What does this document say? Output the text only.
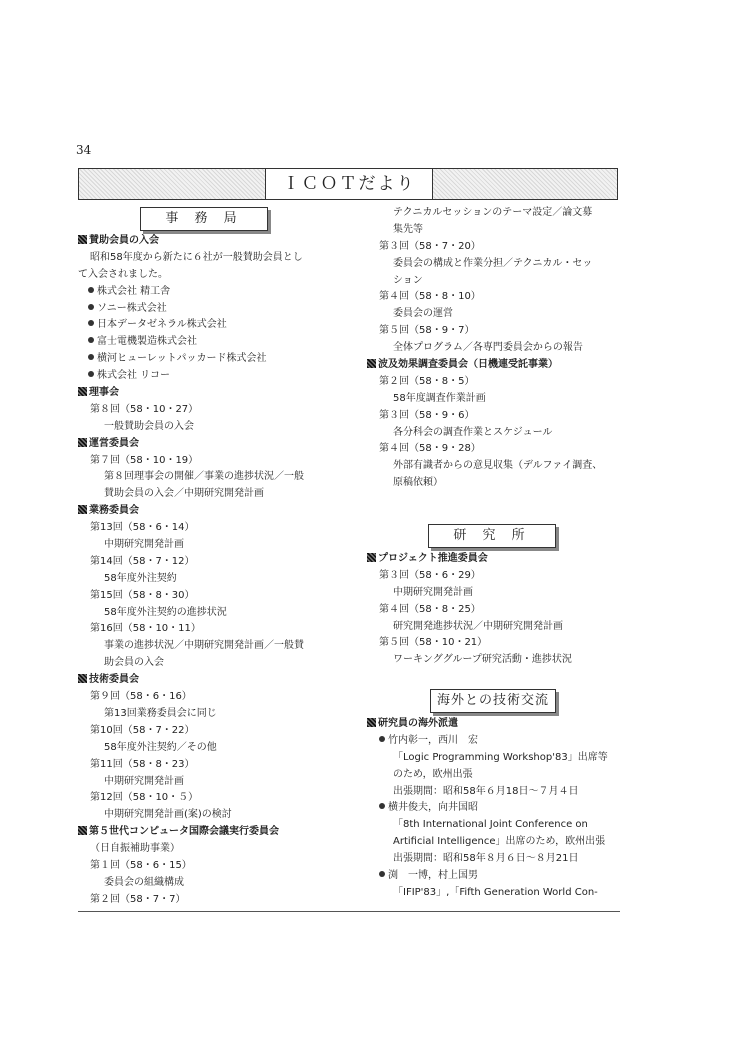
34
ＩＣＯＴだより
事 務 局
研 究 所
海外との技術交流
賛助会員の入会
昭和58年度から新たに６社が一般賛助会員とし
て入会されました。
株式会社 精工舎
ソニー株式会社
日本データゼネラル株式会社
富士電機製造株式会社
横河ヒューレットパッカード株式会社
株式会社 リコー
理事会
第８回（58・10・27）
一般賛助会員の入会
運営委員会
第７回（58・10・19）
第８回理事会の開催／事業の進捗状況／一般
賛助会員の入会／中期研究開発計画
業務委員会
第13回（58・6・14）
中期研究開発計画
第14回（58・7・12）
58年度外注契約
第15回（58・8・30）
58年度外注契約の進捗状況
第16回（58・10・11）
事業の進捗状況／中期研究開発計画／一般賛
助会員の入会
技術委員会
第９回（58・6・16）
第13回業務委員会に同じ
第10回（58・7・22）
58年度外注契約／その他
第11回（58・8・23）
中期研究開発計画
第12回（58・10・５）
中期研究開発計画(案)の検討
第５世代コンピュータ国際会議実行委員会
（日自振補助事業）
第１回（58・6・15）
委員会の組織構成
第２回（58・7・7）
テクニカルセッションのテーマ設定／論文募
集先等
第３回（58・7・20）
委員会の構成と作業分担／テクニカル・セッ
ション
第４回（58・8・10）
委員会の運営
第５回（58・9・7）
全体プログラム／各専門委員会からの報告
波及効果調査委員会（日機連受託事業）
第２回（58・8・5）
58年度調査作業計画
第３回（58・9・6）
各分科会の調査作業とスケジュール
第４回（58・9・28）
外部有識者からの意見収集（デルファイ調査、
原稿依頼）
プロジェクト推進委員会
第３回（58・6・29）
中期研究開発計画
第４回（58・8・25）
研究開発進捗状況／中期研究開発計画
第５回（58・10・21）
ワーキンググループ研究活動・進捗状況
研究員の海外派遣
竹内彰一，西川　宏
「Logic Programming Workshop'83」出席等
のため，欧州出張
出張期間：昭和58年６月18日〜７月４日
横井俊夫，向井国昭
「8th International Joint Conference on
Artificial Intelligence」出席のため，欧州出張
出張期間：昭和58年８月６日〜８月21日
渕　一博，村上国男
「IFIP'83」,「Fifth Generation World Con-
